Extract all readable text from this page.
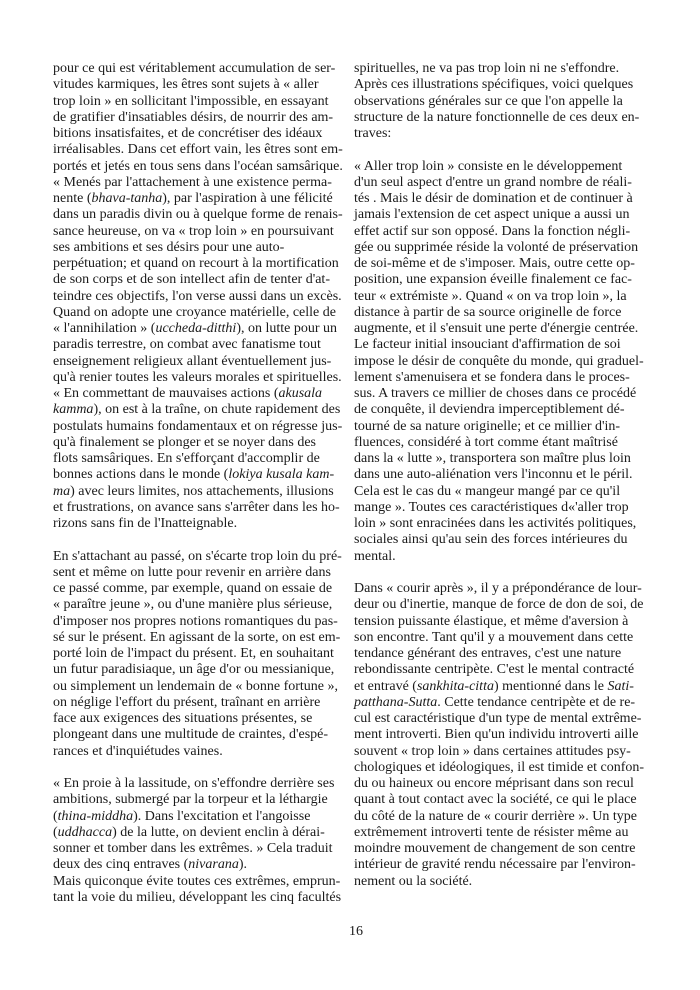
pour ce qui est véritablement accumulation de ser-
vitudes karmiques, les êtres sont sujets à « aller
trop loin » en sollicitant l'impossible, en essayant
de gratifier d'insatiables désirs, de nourrir des am-
bitions insatisfaites, et de concrétiser des idéaux
irréalisables. Dans cet effort vain, les êtres sont em-
portés et jetés en tous sens dans l'océan samsârique.
« Menés par l'attachement à une existence perma-
nente (bhava-tanha), par l'aspiration à une félicité
dans un paradis divin ou à quelque forme de renais-
sance heureuse, on va « trop loin » en poursuivant
ses ambitions et ses désirs pour une auto-
perpétuation; et quand on recourt à la mortification
de son corps et de son intellect afin de tenter d'at-
teindre ces objectifs, l'on verse aussi dans un excès.
Quand on adopte une croyance matérielle, celle de
« l'annihilation » (uccheda-ditthi), on lutte pour un
paradis terrestre, on combat avec fanatisme tout
enseignement religieux allant éventuellement jus-
qu'à renier toutes les valeurs morales et spirituelles.
« En commettant de mauvaises actions (akusala
kamma), on est à la traîne, on chute rapidement des
postulats humains fondamentaux et on régresse jus-
qu'à finalement se plonger et se noyer dans des
flots samsâriques. En s'efforçant d'accomplir de
bonnes actions dans le monde (lokiya kusala kam-
ma) avec leurs limites, nos attachements, illusions
et frustrations, on avance sans s'arrêter dans les ho-
rizons sans fin de l'Inatteignable.
En s'attachant au passé, on s'écarte trop loin du pré-
sent et même on lutte pour revenir en arrière dans
ce passé comme, par exemple, quand on essaie de
« paraître jeune », ou d'une manière plus sérieuse,
d'imposer nos propres notions romantiques du pas-
sé sur le présent. En agissant de la sorte, on est em-
porté loin de l'impact du présent. Et, en souhaitant
un futur paradisiaque, un âge d'or ou messianique,
ou simplement un lendemain de « bonne fortune »,
on néglige l'effort du présent, traînant en arrière
face aux exigences des situations présentes, se
plongeant dans une multitude de craintes, d'espé-
rances et d'inquiétudes vaines.
« En proie à la lassitude, on s'effondre derrière ses
ambitions, submergé par la torpeur et la léthargie
(thina-middha). Dans l'excitation et l'angoisse
(uddhacca) de la lutte, on devient enclin à dérai-
sonner et tomber dans les extrêmes. » Cela traduit
deux des cinq entraves (nivarana).
Mais quiconque évite toutes ces extrêmes, emprun-
tant la voie du milieu, développant les cinq facultés
spirituelles, ne va pas trop loin ni ne s'effondre.
Après ces illustrations spécifiques, voici quelques
observations générales sur ce que l'on appelle la
structure de la nature fonctionnelle de ces deux en-
traves:
« Aller trop loin » consiste en le développement
d'un seul aspect d'entre un grand nombre de réali-
tés . Mais le désir de domination et de continuer à
jamais l'extension de cet aspect unique a aussi un
effet actif sur son opposé. Dans la fonction négli-
gée ou supprimée réside la volonté de préservation
de soi-même et de s'imposer. Mais, outre cette op-
position, une expansion éveille finalement ce fac-
teur « extrémiste ». Quand « on va trop loin », la
distance à partir de sa source originelle de force
augmente, et il s'ensuit une perte d'énergie centrée.
Le facteur initial insouciant d'affirmation de soi
impose le désir de conquête du monde, qui graduel-
lement s'amenuisera et se fondera dans le proces-
sus. A travers ce millier de choses dans ce procédé
de conquête, il deviendra imperceptiblement dé-
tourné de sa nature originelle; et ce millier d'in-
fluences, considéré à tort comme étant maîtrisé
dans la « lutte », transportera son maître plus loin
dans une auto-aliénation vers l'inconnu et le péril.
Cela est le cas du « mangeur mangé par ce qu'il
mange ». Toutes ces caractéristiques d«'aller trop
loin » sont enracinées dans les activités politiques,
sociales ainsi qu'au sein des forces intérieures du
mental.
Dans « courir après », il y a prépondérance de lour-
deur ou d'inertie, manque de force de don de soi, de
tension puissante élastique, et même d'aversion à
son encontre. Tant qu'il y a mouvement dans cette
tendance générant des entraves, c'est une nature
rebondissante centripète. C'est le mental contracté
et entravé (sankhita-citta) mentionné dans le Sati-
patthana-Sutta. Cette tendance centripète et de re-
cul est caractéristique d'un type de mental extrême-
ment introverti. Bien qu'un individu introverti aille
souvent « trop loin » dans certaines attitudes psy-
chologiques et idéologiques, il est timide et confon-
du ou haineux ou encore méprisant dans son recul
quant à tout contact avec la société, ce qui le place
du côté de la nature de « courir derrière ». Un type
extrêmement introverti tente de résister même au
moindre mouvement de changement de son centre
intérieur de gravité rendu nécessaire par l'environ-
nement ou la société.
16
